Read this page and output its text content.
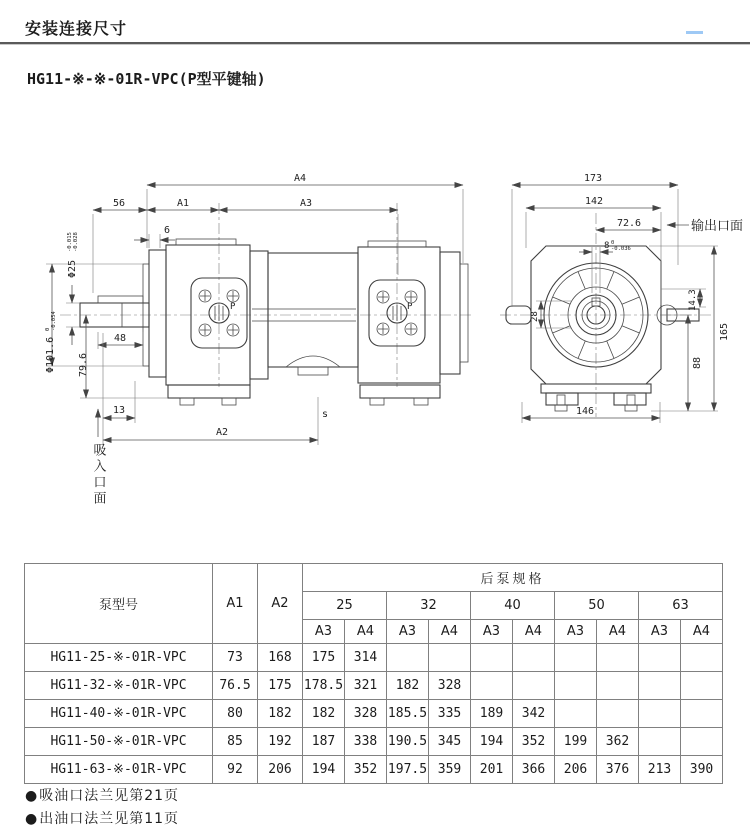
安装连接尺寸
HG11-※-※-01R-VPC(P型平键轴)
P	P
A4
56	A1	A3
6
Φ25
-0.015 -0.028
Φ101.6
0 -0.054
79.6
48
13
A2
s
吸入口面
173
142
72.6
8 0
-0.036
输出口面
28
14.3
165
88
146
泵型号	A1	A2	后泵规格									
			25		32		40		50		63	
			A3	A4	A3	A4	A3	A4	A3	A4	A3	A4
HG11-25-※-01R-VPC	73	168	175	314								
HG11-32-※-01R-VPC	76.5	175	178.5	321	182	328						
HG11-40-※-01R-VPC	80	182	182	328	185.5	335	189	342				
HG11-50-※-01R-VPC	85	192	187	338	190.5	345	194	352	199	362		
HG11-63-※-01R-VPC	92	206	194	352	197.5	359	201	366	206	376	213	390
●吸油口法兰见第21页
●出油口法兰见第11页
